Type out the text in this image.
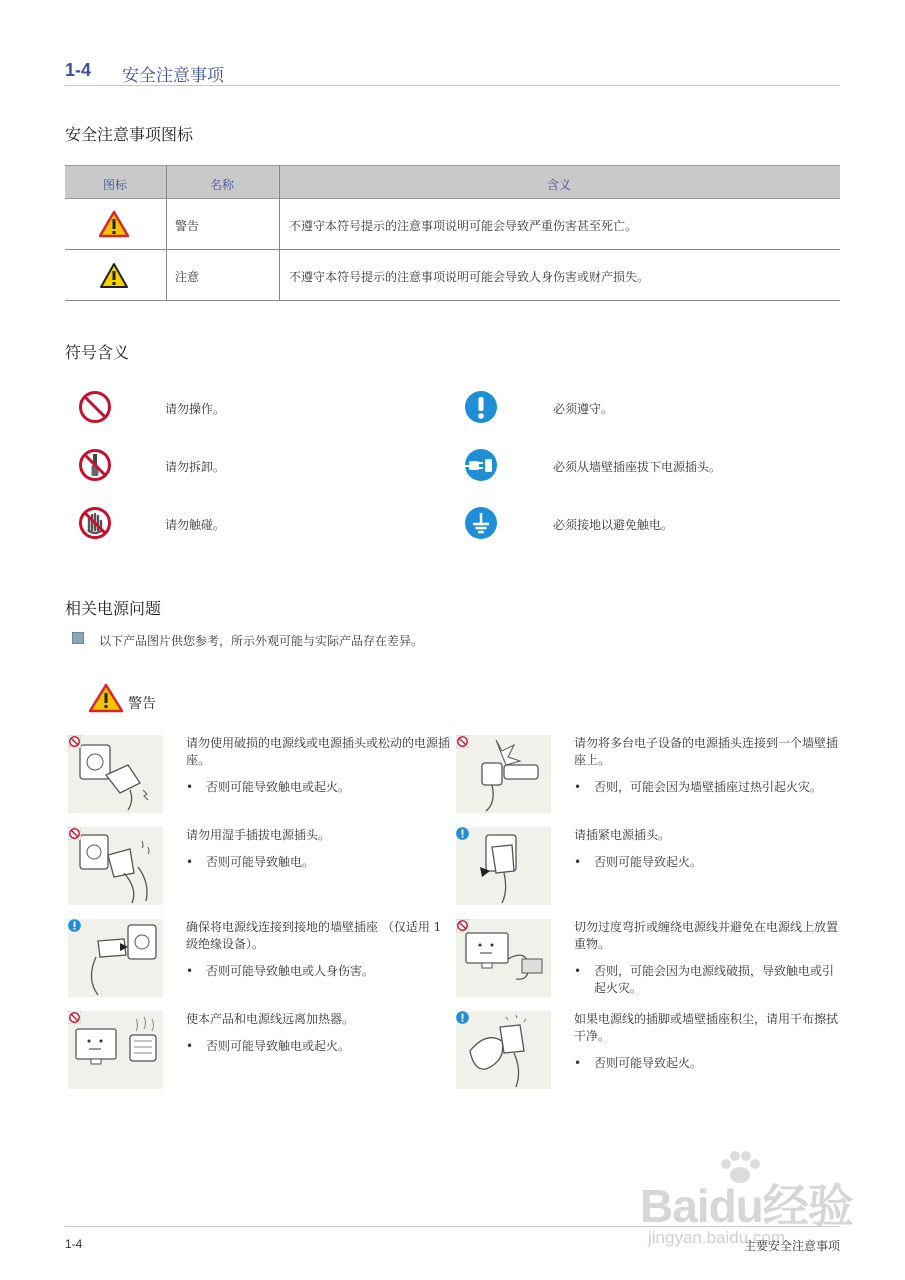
1-4 安全注意事项
安全注意事项图标
图标	名称	含义
警告	不遵守本符号提示的注意事项说明可能会导致严重伤害甚至死亡。
注意	不遵守本符号提示的注意事项说明可能会导致人身伤害或财产损失。
符号含义
请勿操作。	必须遵守。
请勿拆卸。	必须从墙壁插座拔下电源插头。
请勿触碰。	必须接地以避免触电。
相关电源问题
以下产品图片供您参考，所示外观可能与实际产品存在差异。
警告
请勿使用破损的电源线或电源插头或松动的电源插座。
• 否则可能导致触电或起火。
请勿将多台电子设备的电源插头连接到一个墙壁插座上。
• 否则，可能会因为墙壁插座过热引起火灾。
请勿用湿手插拔电源插头。
• 否则可能导致触电。
请插紧电源插头。
• 否则可能导致起火。
确保将电源线连接到接地的墙壁插座 （仅适用 1 级绝缘设备）。
• 否则可能导致触电或人身伤害。
切勿过度弯折或缠绕电源线并避免在电源线上放置重物。
• 否则，可能会因为电源线破损，导致触电或引起火灾。
使本产品和电源线远离加热器。
• 否则可能导致触电或起火。
如果电源线的插脚或墙壁插座积尘，请用干布擦拭干净。
• 否则可能导致起火。
Baidu经验
jingyan.baidu.com
1-4	主要安全注意事项
